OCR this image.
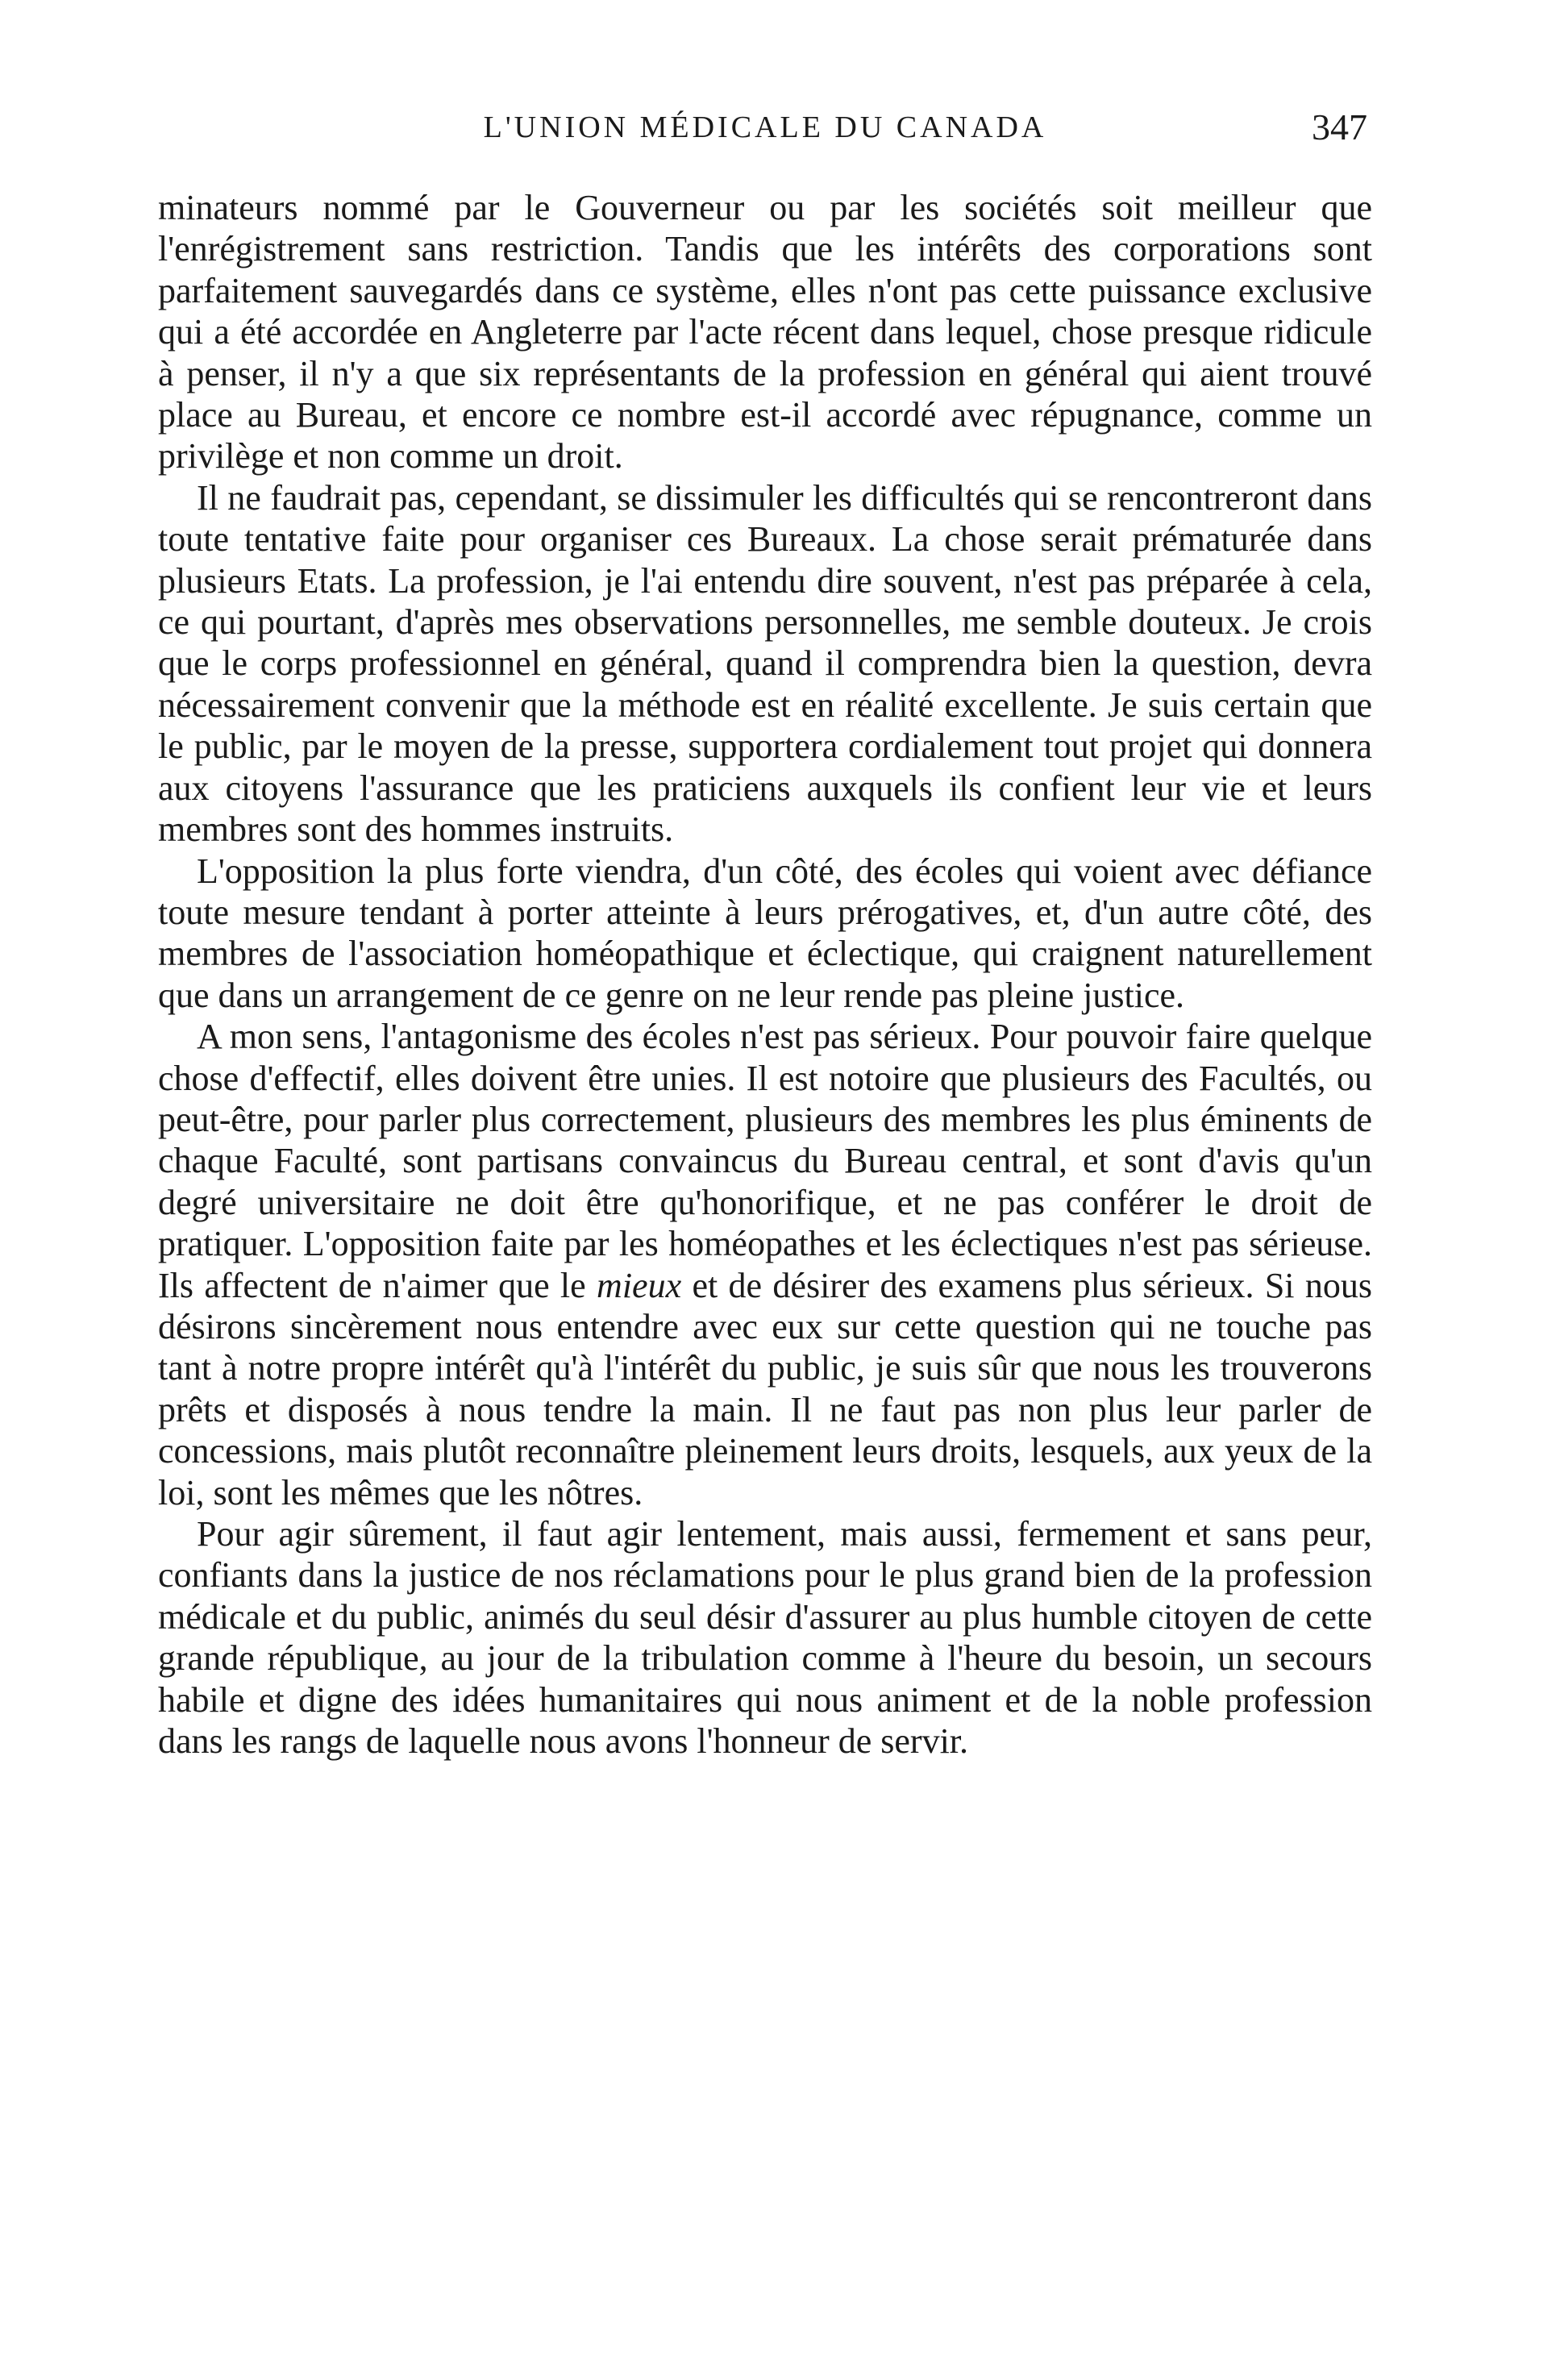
L'UNION MÉDICALE DU CANADA	347

minateurs nommé par le Gouverneur ou par les sociétés soit meilleur que l'enrégistrement sans restriction. Tandis que les intérêts des corporations sont parfaitement sauvegardés dans ce système, elles n'ont pas cette puissance exclusive qui a été accordée en Angleterre par l'acte récent dans lequel, chose presque ridicule à penser, il n'y a que six représentants de la profession en général qui aient trouvé place au Bureau, et encore ce nombre est-il accordé avec répugnance, comme un privilège et non comme un droit.

Il ne faudrait pas, cependant, se dissimuler les difficultés qui se rencontreront dans toute tentative faite pour organiser ces Bureaux. La chose serait prématurée dans plusieurs Etats. La profession, je l'ai entendu dire souvent, n'est pas préparée à cela, ce qui pourtant, d'après mes observations personnelles, me semble douteux. Je crois que le corps professionnel en général, quand il comprendra bien la question, devra nécessairement convenir que la méthode est en réalité excellente. Je suis certain que le public, par le moyen de la presse, supportera cordialement tout projet qui donnera aux citoyens l'assurance que les praticiens auxquels ils confient leur vie et leurs membres sont des hommes instruits.

L'opposition la plus forte viendra, d'un côté, des écoles qui voient avec défiance toute mesure tendant à porter atteinte à leurs prérogatives, et, d'un autre côté, des membres de l'association homéopathique et éclectique, qui craignent naturellement que dans un arrangement de ce genre on ne leur rende pas pleine justice.

A mon sens, l'antagonisme des écoles n'est pas sérieux. Pour pouvoir faire quelque chose d'effectif, elles doivent être unies. Il est notoire que plusieurs des Facultés, ou peut-être, pour parler plus correctement, plusieurs des membres les plus éminents de chaque Faculté, sont partisans convaincus du Bureau central, et sont d'avis qu'un degré universitaire ne doit être qu'honorifique, et ne pas conférer le droit de pratiquer. L'opposition faite par les homéopathes et les éclectiques n'est pas sérieuse. Ils affectent de n'aimer que le mieux et de désirer des examens plus sérieux. Si nous désirons sincèrement nous entendre avec eux sur cette question qui ne touche pas tant à notre propre intérêt qu'à l'intérêt du public, je suis sûr que nous les trouverons prêts et disposés à nous tendre la main. Il ne faut pas non plus leur parler de concessions, mais plutôt reconnaître pleinement leurs droits, lesquels, aux yeux de la loi, sont les mêmes que les nôtres.

Pour agir sûrement, il faut agir lentement, mais aussi, fermement et sans peur, confiants dans la justice de nos réclamations pour le plus grand bien de la profession médicale et du public, animés du seul désir d'assurer au plus humble citoyen de cette grande république, au jour de la tribulation comme à l'heure du besoin, un secours habile et digne des idées humanitaires qui nous animent et de la noble profession dans les rangs de laquelle nous avons l'honneur de servir.
